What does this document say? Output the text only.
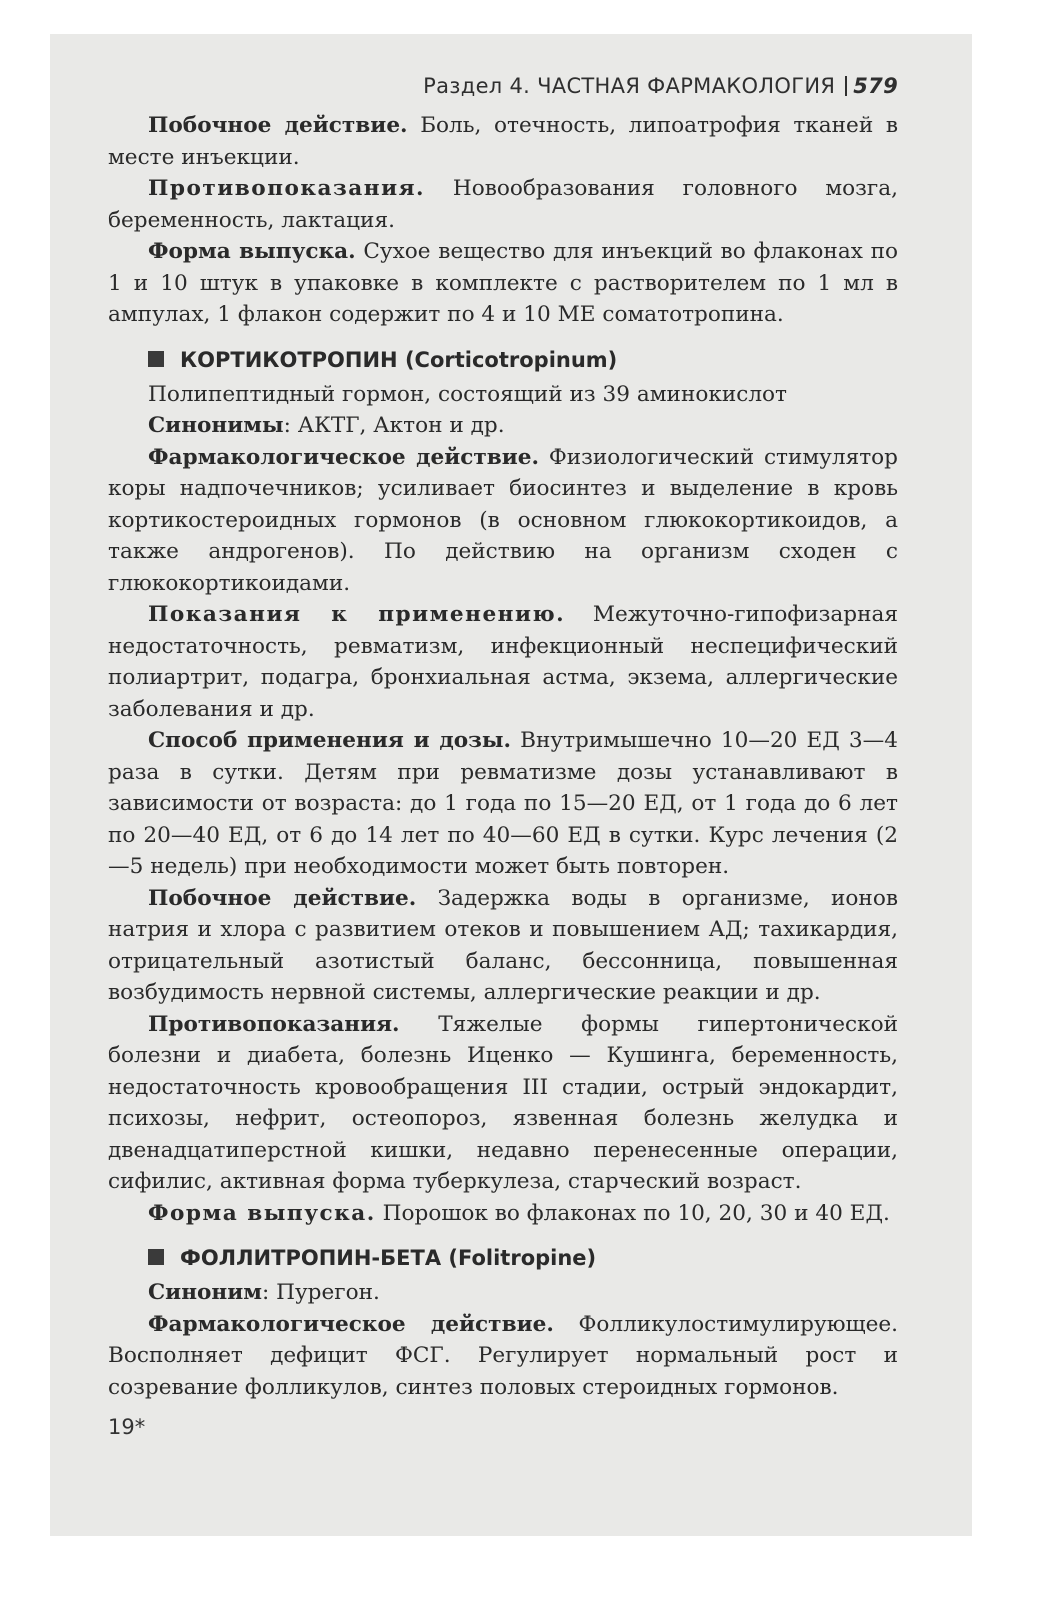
Раздел 4. ЧАСТНАЯ ФАРМАКОЛОГИЯ 579

Побочное действие. Боль, отечность, липоатрофия тканей в месте инъекции.

Противопоказания. Новообразования головного мозга, беременность, лактация.

Форма выпуска. Сухое вещество для инъекций во флаконах по 1 и 10 штук в упаковке в комплекте с растворителем по 1 мл в ампулах, 1 флакон содержит по 4 и 10 МЕ соматотропина.

КОРТИКОТРОПИН (Corticotropinum)

Полипептидный гормон, состоящий из 39 аминокислот

Синонимы: АКТГ, Актон и др.

Фармакологическое действие. Физиологический стимулятор коры надпочечников; усиливает биосинтез и выделение в кровь кортикостероидных гормонов (в основном глюкокортикоидов, а также андрогенов). По действию на организм сходен с глюкокортикоидами.

Показания к применению. Межуточно-гипофизарная недостаточность, ревматизм, инфекционный неспецифический полиартрит, подагра, бронхиальная астма, экзема, аллергические заболевания и др.

Способ применения и дозы. Внутримышечно 10—20 ЕД 3—4 раза в сутки. Детям при ревматизме дозы устанавливают в зависимости от возраста: до 1 года по 15—20 ЕД, от 1 года до 6 лет по 20—40 ЕД, от 6 до 14 лет по 40—60 ЕД в сутки. Курс лечения (2—5 недель) при необходимости может быть повторен.

Побочное действие. Задержка воды в организме, ионов натрия и хлора с развитием отеков и повышением АД; тахикардия, отрицательный азотистый баланс, бессонница, повышенная возбудимость нервной системы, аллергические реакции и др.

Противопоказания. Тяжелые формы гипертонической болезни и диабета, болезнь Иценко — Кушинга, беременность, недостаточность кровообращения III стадии, острый эндокардит, психозы, нефрит, остеопороз, язвенная болезнь желудка и двенадцатиперстной кишки, недавно перенесенные операции, сифилис, активная форма туберкулеза, старческий возраст.

Форма выпуска. Порошок во флаконах по 10, 20, 30 и 40 ЕД.

ФОЛЛИТРОПИН-БЕТА (Folitropine)

Синоним: Пурегон.

Фармакологическое действие. Фолликулостимулирующее. Восполняет дефицит ФСГ. Регулирует нормальный рост и созревание фолликулов, синтез половых стероидных гормонов.

19*
